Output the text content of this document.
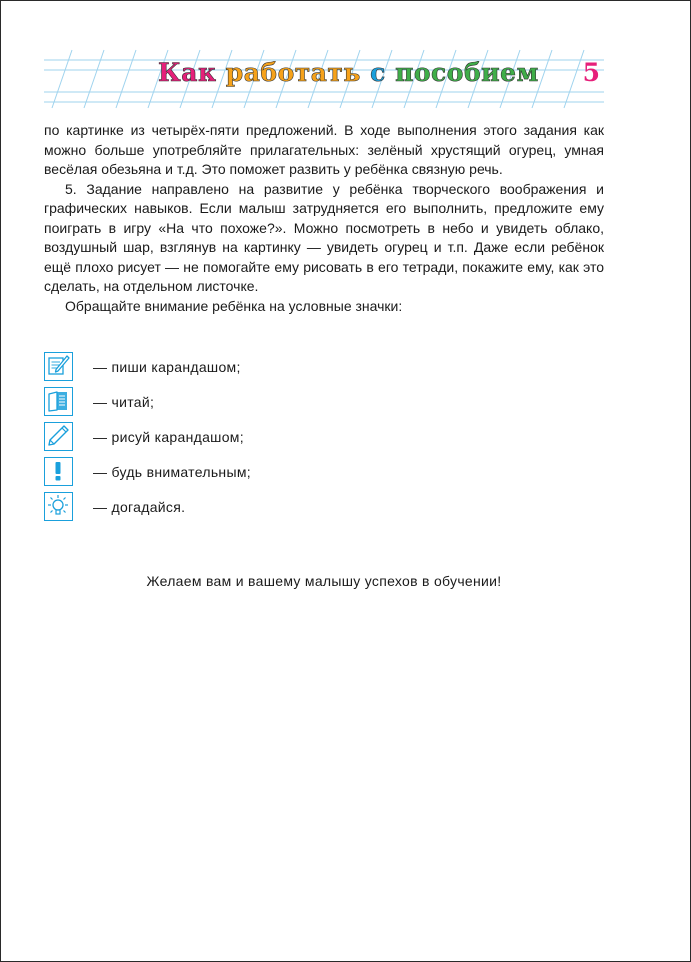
Как работать с пособием 5

по картинке из четырёх-пяти предложений. В ходе выполнения этого задания как можно больше употребляйте прилагательных: зелёный хрустящий огурец, умная весёлая обезьяна и т.д. Это поможет развить у ребёнка связную речь.

5. Задание направлено на развитие у ребёнка творческого воображения и графических навыков. Если малыш затрудняется его выполнить, предложите ему поиграть в игру «На что похоже?». Можно посмотреть в небо и увидеть облако, воздушный шар, взглянув на картинку — увидеть огурец и т.п. Даже если ребёнок ещё плохо рисует — не помогайте ему рисовать в его тетради, покажите ему, как это сделать, на отдельном листочке.

Обращайте внимание ребёнка на условные значки:

— пиши карандашом;
— читай;
— рисуй карандашом;
— будь внимательным;
— догадайся.
Желаем вам и вашему малышу успехов в обучении!
